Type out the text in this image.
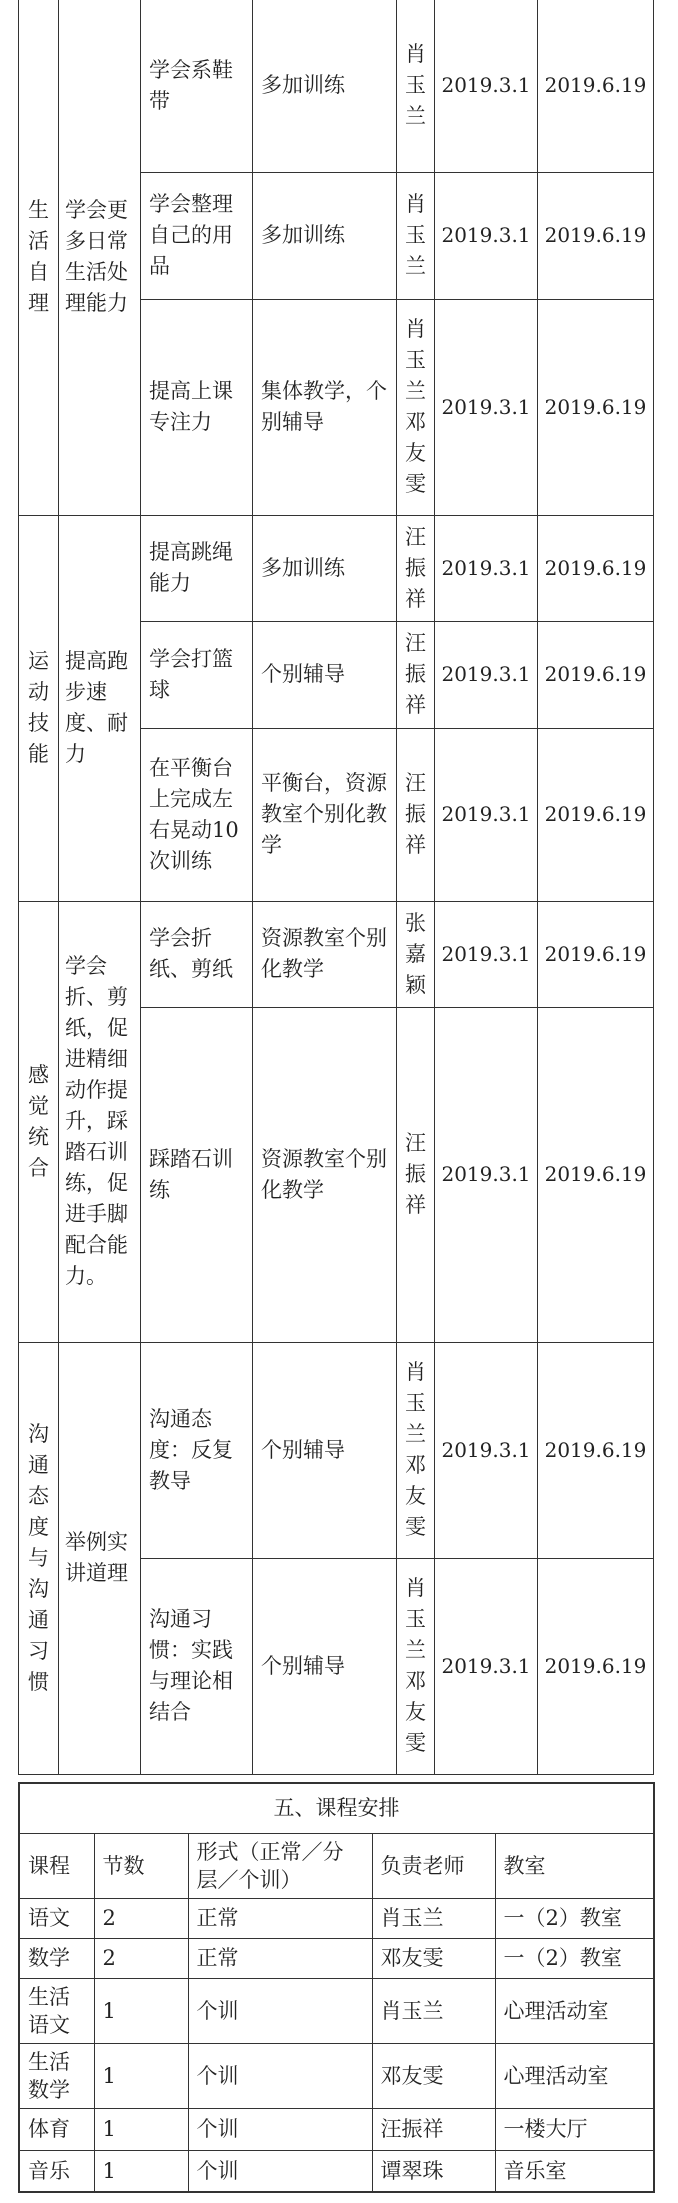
生活自理	学会更多日常生活处理能力	学会系鞋带	多加训练	肖玉兰	2019.3.1	2019.6.19
		学会整理自己的用品	多加训练	肖玉兰	2019.3.1	2019.6.19
		提高上课专注力	集体教学，个别辅导	肖玉兰 邓友雯	2019.3.1	2019.6.19

运动技能	提高跑步速度、耐力	提高跳绳能力	多加训练	汪振祥	2019.3.1	2019.6.19
		学会打篮球	个别辅导	汪振祥	2019.3.1	2019.6.19
		在平衡台上完成左右晃动10次训练	平衡台，资源教室个别化教学	汪振祥	2019.3.1	2019.6.19

感觉统合	学会折、剪纸，促进精细动作提升，踩踏石训练，促进手脚配合能力。	学会折纸、剪纸	资源教室个别化教学	张嘉颖	2019.3.1	2019.6.19
		踩踏石训练	资源教室个别化教学	汪振祥	2019.3.1	2019.6.19

沟通态度与沟通习惯	举例实讲道理	沟通态度：反复教导	个别辅导	肖玉兰 邓友雯	2019.3.1	2019.6.19
		沟通习惯：实践与理论相结合	个别辅导	肖玉兰 邓友雯	2019.3.1	2019.6.19
五、课程安排				
课程	节数	形式（正常／分层／个训）	负责老师	教室
语文	2	正常	肖玉兰	一（2）教室
数学	2	正常	邓友雯	一（2）教室
生活语文	1	个训	肖玉兰	心理活动室
生活数学	1	个训	邓友雯	心理活动室
体育	1	个训	汪振祥	一楼大厅
音乐	1	个训	谭翠珠	音乐室
